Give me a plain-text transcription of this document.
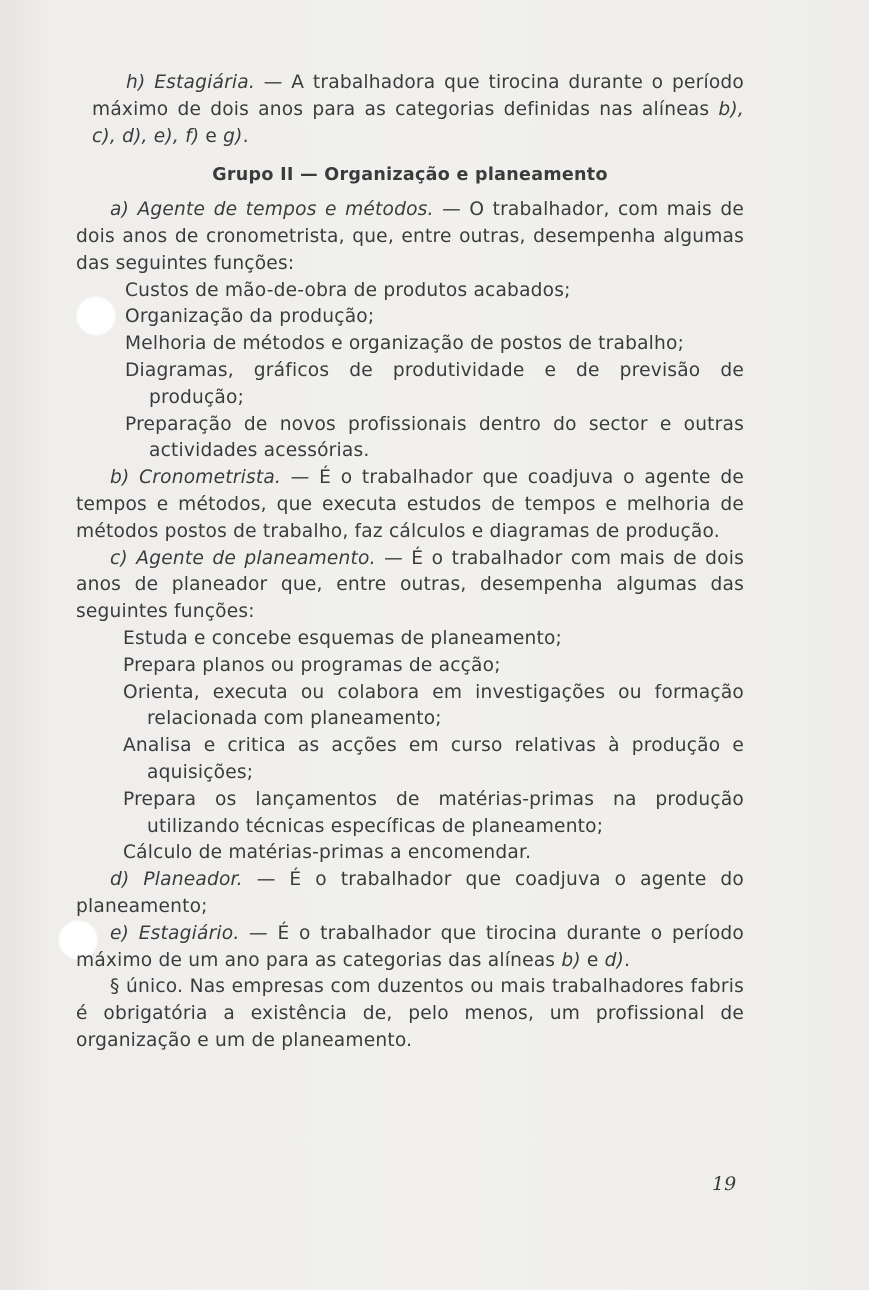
h) Estagiária. — A trabalhadora que tirocina durante o período máximo de dois anos para as categorias definidas nas alíneas b), c), d), e), f) e g).

Grupo II — Organização e planeamento

a) Agente de tempos e métodos. — O trabalhador, com mais de dois anos de cronometrista, que, entre outras, desempenha algumas das seguintes funções:

Custos de mão-de-obra de produtos acabados;

Organização da produção;

Melhoria de métodos e organização de postos de trabalho;

Diagramas, gráficos de produtividade e de previsão de produção;

Preparação de novos profissionais dentro do sector e outras actividades acessórias.

b) Cronometrista. — É o trabalhador que coadjuva o agente de tempos e métodos, que executa estudos de tempos e melhoria de métodos postos de trabalho, faz cálculos e diagramas de produção.

c) Agente de planeamento. — É o trabalhador com mais de dois anos de planeador que, entre outras, desempenha algumas das seguintes funções:

Estuda e concebe esquemas de planeamento;

Prepara planos ou programas de acção;

Orienta, executa ou colabora em investigações ou formação relacionada com planeamento;

Analisa e critica as acções em curso relativas à produção e aquisições;

Prepara os lançamentos de matérias-primas na produção utilizando técnicas específicas de planeamento;

Cálculo de matérias-primas a encomendar.

d) Planeador. — É o trabalhador que coadjuva o agente do planeamento;

e) Estagiário. — É o trabalhador que tirocina durante o período máximo de um ano para as categorias das alíneas b) e d).

§ único. Nas empresas com duzentos ou mais trabalhadores fabris é obrigatória a existência de, pelo menos, um profissional de organização e um de planeamento.

19
